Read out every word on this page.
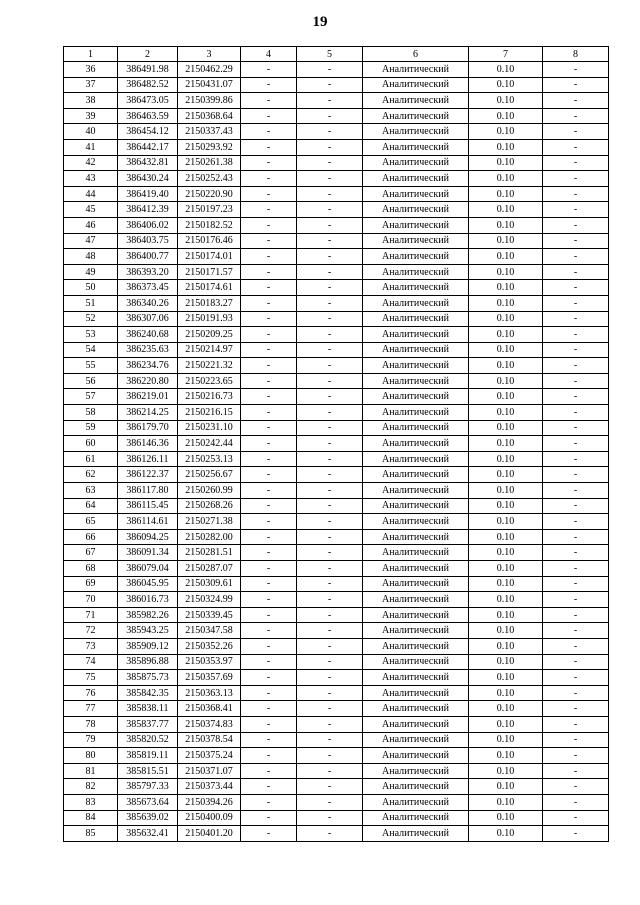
19
1	2	3	4	5	6	7	8
36	386491.98	2150462.29	-	-	Аналитический	0.10	-
37	386482.52	2150431.07	-	-	Аналитический	0.10	-
38	386473.05	2150399.86	-	-	Аналитический	0.10	-
39	386463.59	2150368.64	-	-	Аналитический	0.10	-
40	386454.12	2150337.43	-	-	Аналитический	0.10	-
41	386442.17	2150293.92	-	-	Аналитический	0.10	-
42	386432.81	2150261.38	-	-	Аналитический	0.10	-
43	386430.24	2150252.43	-	-	Аналитический	0.10	-
44	386419.40	2150220.90	-	-	Аналитический	0.10	-
45	386412.39	2150197.23	-	-	Аналитический	0.10	-
46	386406.02	2150182.52	-	-	Аналитический	0.10	-
47	386403.75	2150176.46	-	-	Аналитический	0.10	-
48	386400.77	2150174.01	-	-	Аналитический	0.10	-
49	386393.20	2150171.57	-	-	Аналитический	0.10	-
50	386373.45	2150174.61	-	-	Аналитический	0.10	-
51	386340.26	2150183.27	-	-	Аналитический	0.10	-
52	386307.06	2150191.93	-	-	Аналитический	0.10	-
53	386240.68	2150209.25	-	-	Аналитический	0.10	-
54	386235.63	2150214.97	-	-	Аналитический	0.10	-
55	386234.76	2150221.32	-	-	Аналитический	0.10	-
56	386220.80	2150223.65	-	-	Аналитический	0.10	-
57	386219.01	2150216.73	-	-	Аналитический	0.10	-
58	386214.25	2150216.15	-	-	Аналитический	0.10	-
59	386179.70	2150231.10	-	-	Аналитический	0.10	-
60	386146.36	2150242.44	-	-	Аналитический	0.10	-
61	386126.11	2150253.13	-	-	Аналитический	0.10	-
62	386122.37	2150256.67	-	-	Аналитический	0.10	-
63	386117.80	2150260.99	-	-	Аналитический	0.10	-
64	386115.45	2150268.26	-	-	Аналитический	0.10	-
65	386114.61	2150271.38	-	-	Аналитический	0.10	-
66	386094.25	2150282.00	-	-	Аналитический	0.10	-
67	386091.34	2150281.51	-	-	Аналитический	0.10	-
68	386079.04	2150287.07	-	-	Аналитический	0.10	-
69	386045.95	2150309.61	-	-	Аналитический	0.10	-
70	386016.73	2150324.99	-	-	Аналитический	0.10	-
71	385982.26	2150339.45	-	-	Аналитический	0.10	-
72	385943.25	2150347.58	-	-	Аналитический	0.10	-
73	385909.12	2150352.26	-	-	Аналитический	0.10	-
74	385896.88	2150353.97	-	-	Аналитический	0.10	-
75	385875.73	2150357.69	-	-	Аналитический	0.10	-
76	385842.35	2150363.13	-	-	Аналитический	0.10	-
77	385838.11	2150368.41	-	-	Аналитический	0.10	-
78	385837.77	2150374.83	-	-	Аналитический	0.10	-
79	385820.52	2150378.54	-	-	Аналитический	0.10	-
80	385819.11	2150375.24	-	-	Аналитический	0.10	-
81	385815.51	2150371.07	-	-	Аналитический	0.10	-
82	385797.33	2150373.44	-	-	Аналитический	0.10	-
83	385673.64	2150394.26	-	-	Аналитический	0.10	-
84	385639.02	2150400.09	-	-	Аналитический	0.10	-
85	385632.41	2150401.20	-	-	Аналитический	0.10	-
